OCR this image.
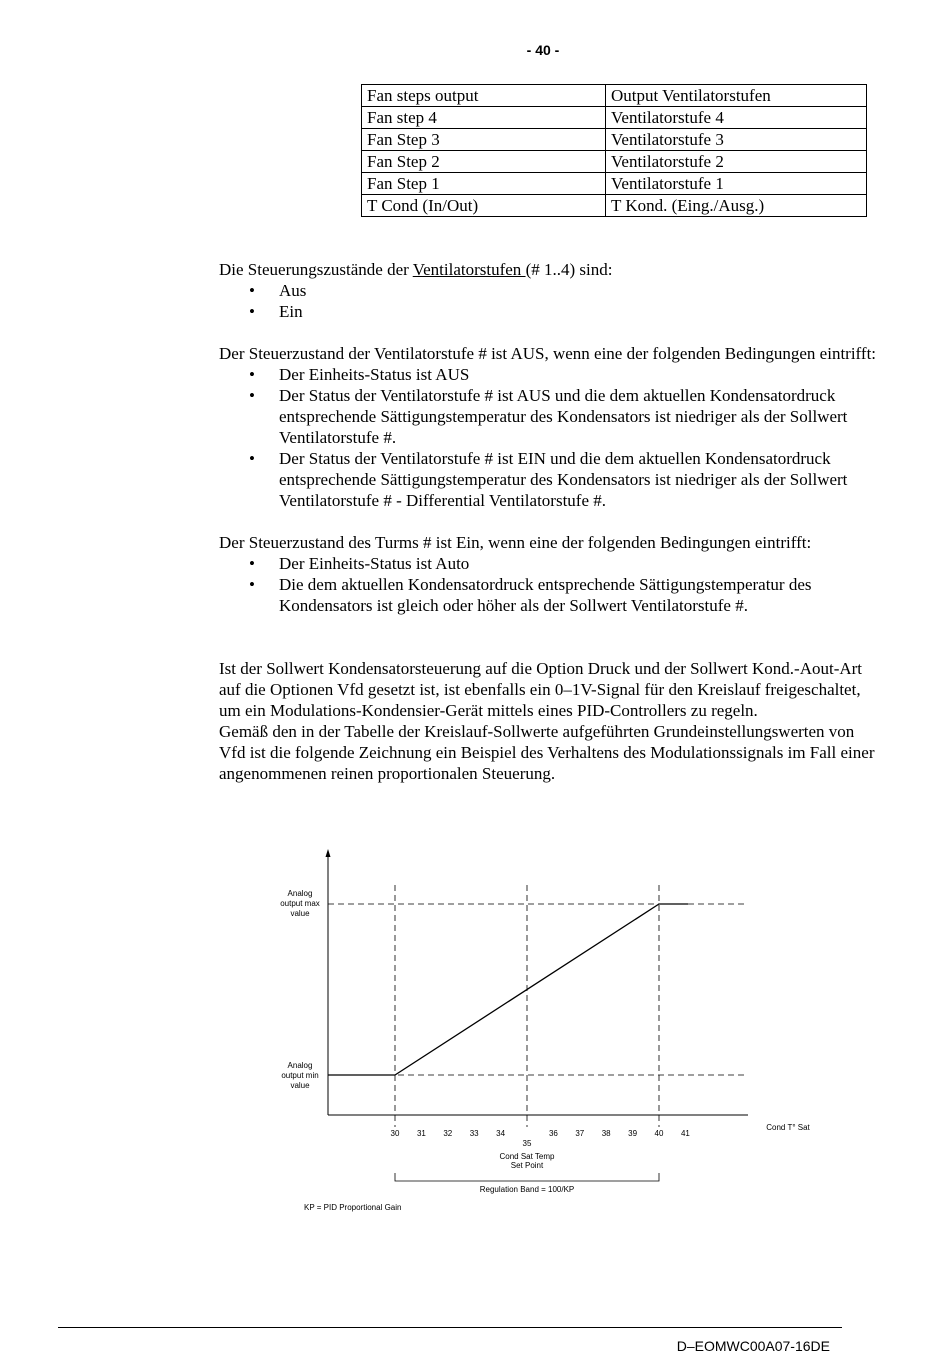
- 40 -
Fan steps output	Output Ventilatorstufen
Fan step 4	Ventilatorstufe 4
Fan Step 3	Ventilatorstufe 3
Fan Step 2	Ventilatorstufe 2
Fan Step 1	Ventilatorstufe 1
T Cond (In/Out)	T Kond. (Eing./Ausg.)

Die Steuerungszustände der Ventilatorstufen (# 1..4) sind:

• Aus
• Ein

Der Steuerzustand der Ventilatorstufe # ist AUS, wenn eine der folgenden Bedingungen eintrifft:

• Der Einheits-Status ist AUS
• Der Status der Ventilatorstufe # ist AUS und die dem aktuellen Kondensatordruck entsprechende Sättigungstemperatur des Kondensators ist niedriger als der Sollwert Ventilatorstufe #.
• Der Status der Ventilatorstufe # ist EIN und die dem aktuellen Kondensatordruck entsprechende Sättigungstemperatur des Kondensators ist niedriger als der Sollwert Ventilatorstufe # - Differential Ventilatorstufe #.

Der Steuerzustand des Turms # ist Ein, wenn eine der folgenden Bedingungen eintrifft:

• Der Einheits-Status ist Auto
• Die dem aktuellen Kondensatordruck entsprechende Sättigungstemperatur des Kondensators ist gleich oder höher als der Sollwert Ventilatorstufe #.

Ist der Sollwert Kondensatorsteuerung auf die Option Druck und der Sollwert Kond.-Aout-Art auf die Optionen Vfd gesetzt ist, ist ebenfalls ein 0–1V-Signal für den Kreislauf freigeschaltet, um ein Modulations-Kondensier-Gerät mittels eines PID-Controllers zu regeln.

Gemäß den in der Tabelle der Kreislauf-Sollwerte aufgeführten Grundeinstellungswerten von Vfd ist die folgende Zeichnung ein Beispiel des Verhaltens des Modulationssignals im Fall einer angenommenen reinen proportionalen Steuerung.

Analog
output max
value
Analog
output min
value
30 31 32 33 34
35
36 37 38 39 40 41
Cond T° Sat
Cond Sat Temp
Set Point
Regulation Band = 100/KP
KP = PID Proportional Gain
D–EOMWC00A07-16DE
